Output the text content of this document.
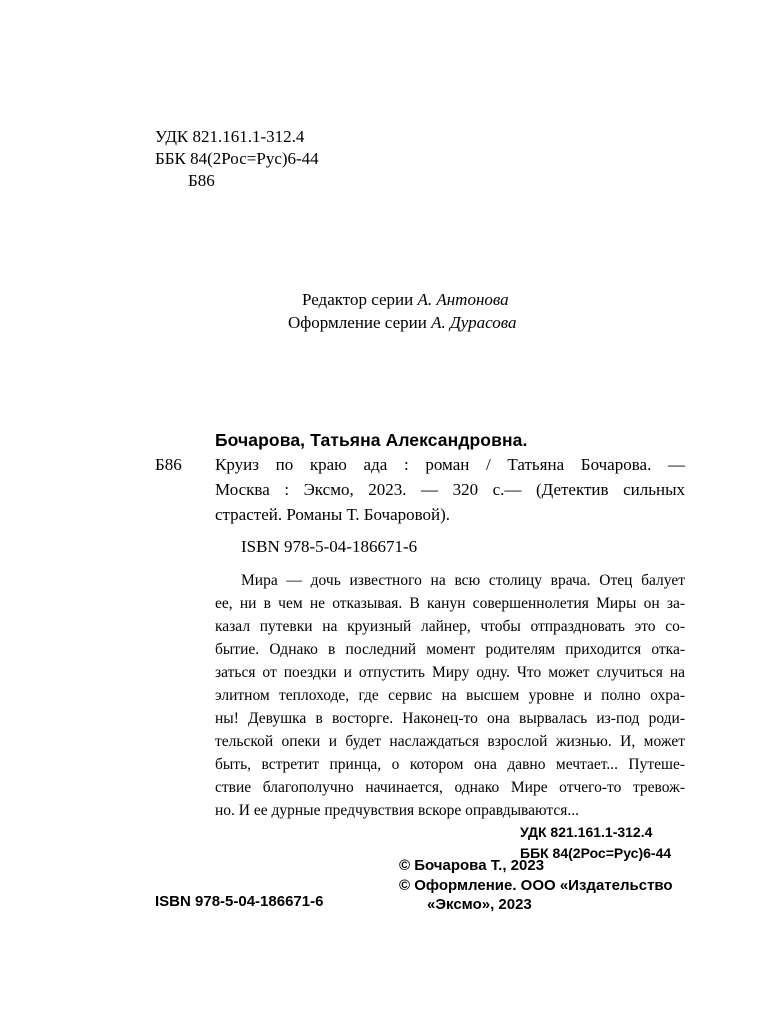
УДК 821.161.1-312.4
ББК 84(2Рос=Рус)6-44
Б86
Редактор серии А. Антонова
Оформление серии А. Дурасова
Бочарова, Татьяна Александровна.
Б86 Круиз по краю ада : роман / Татьяна Бочарова. —
Москва : Эксмо, 2023. — 320 с.— (Детектив сильных
страстей. Романы Т. Бочаровой).
ISBN 978-5-04-186671-6
Мира — дочь известного на всю столицу врача. Отец балует
ее, ни в чем не отказывая. В канун совершеннолетия Миры он за-
казал путевки на круизный лайнер, чтобы отпраздновать это со-
бытие. Однако в последний момент родителям приходится отка-
заться от поездки и отпустить Миру одну. Что может случиться на
элитном теплоходе, где сервис на высшем уровне и полно охра-
ны! Девушка в восторге. Наконец-то она вырвалась из-под роди-
тельской опеки и будет наслаждаться взрослой жизнью. И, может
быть, встретит принца, о котором она давно мечтает... Путеше-
ствие благополучно начинается, однако Мире отчего-то тревож-
но. И ее дурные предчувствия вскоре оправдываются...
УДК 821.161.1-312.4
ББК 84(2Рос=Рус)6-44
© Бочарова Т., 2023
© Оформление. ООО «Издательство
«Эксмо», 2023
ISBN 978-5-04-186671-6
